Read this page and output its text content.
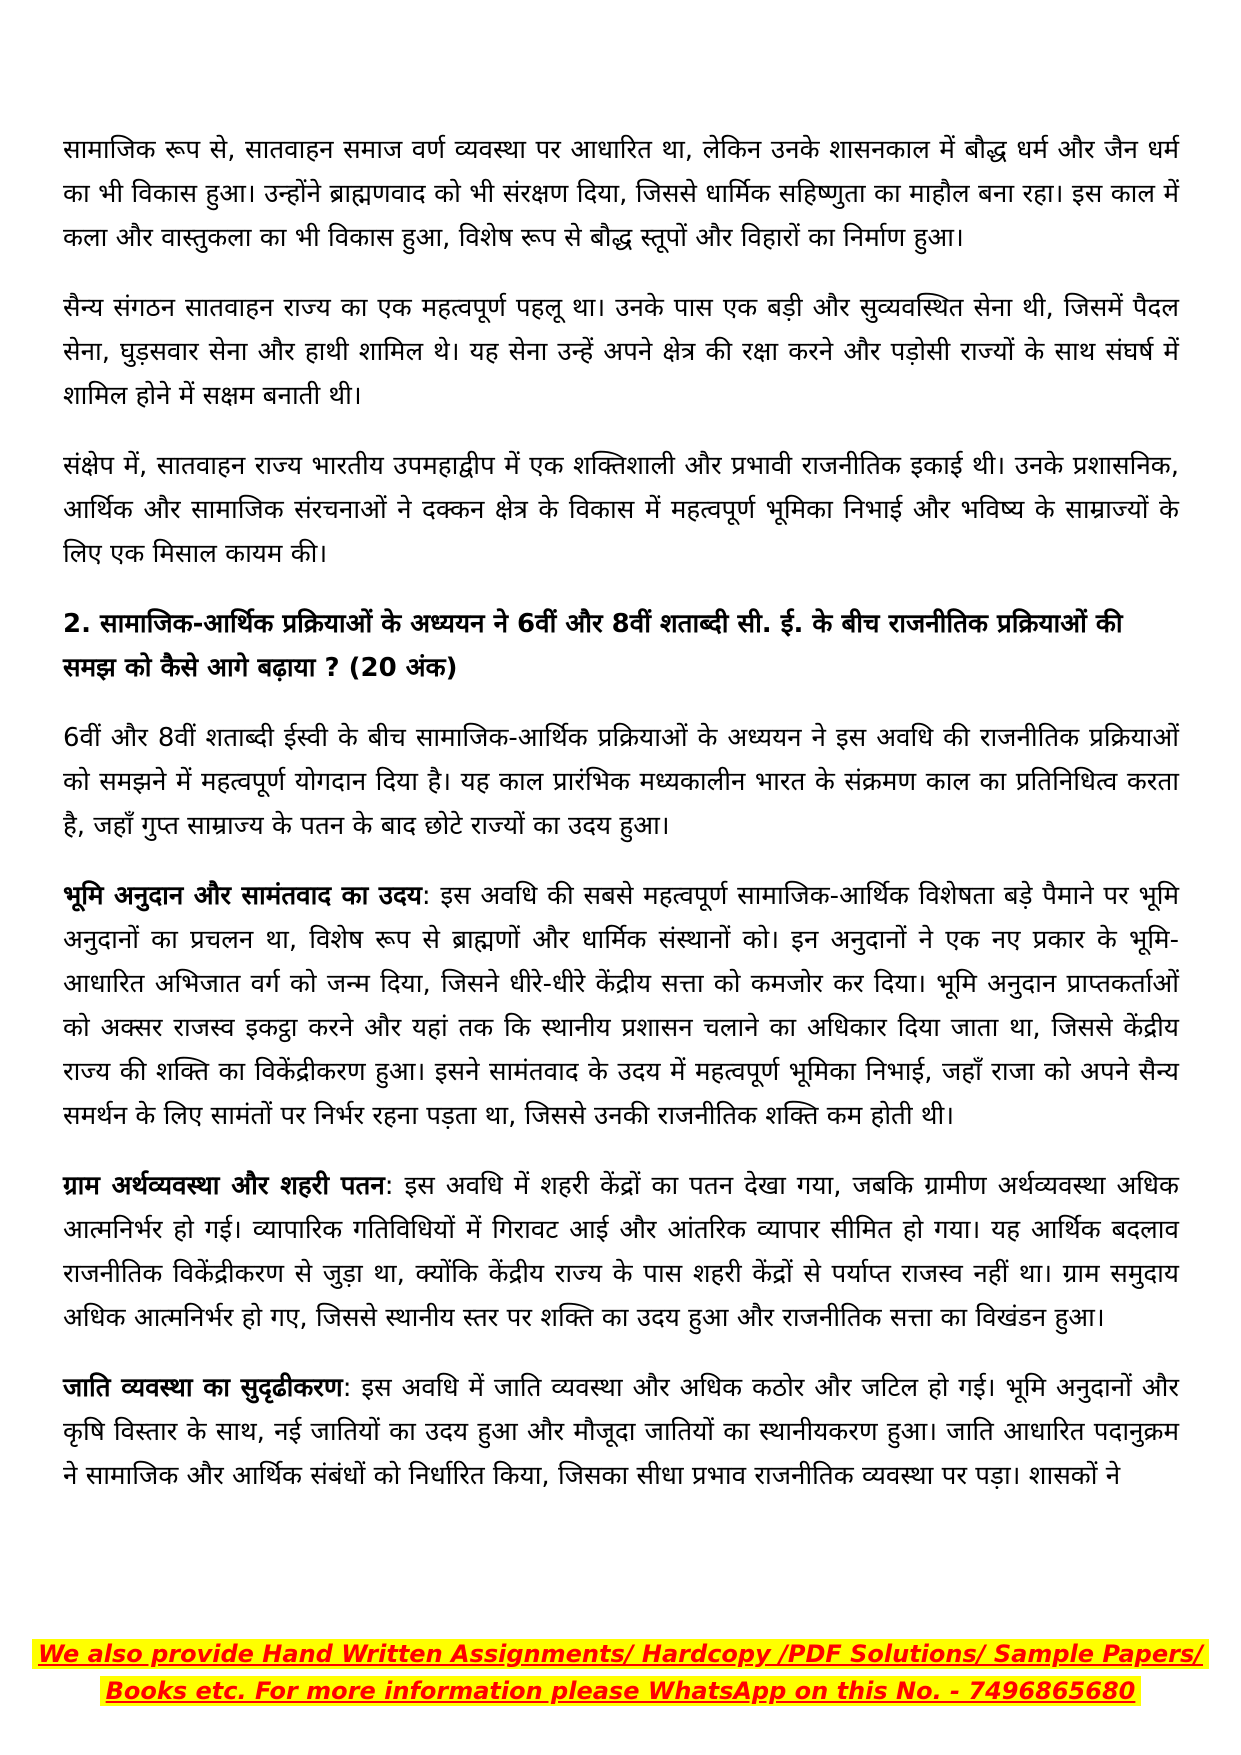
सामाजिक रूप से, सातवाहन समाज वर्ण व्यवस्था पर आधारित था, लेकिन उनके शासनकाल में बौद्ध धर्म और जैन धर्म का भी विकास हुआ। उन्होंने ब्राह्मणवाद को भी संरक्षण दिया, जिससे धार्मिक सहिष्णुता का माहौल बना रहा। इस काल में कला और वास्तुकला का भी विकास हुआ, विशेष रूप से बौद्ध स्तूपों और विहारों का निर्माण हुआ।

सैन्य संगठन सातवाहन राज्य का एक महत्वपूर्ण पहलू था। उनके पास एक बड़ी और सुव्यवस्थित सेना थी, जिसमें पैदल सेना, घुड़सवार सेना और हाथी शामिल थे। यह सेना उन्हें अपने क्षेत्र की रक्षा करने और पड़ोसी राज्यों के साथ संघर्ष में शामिल होने में सक्षम बनाती थी।

संक्षेप में, सातवाहन राज्य भारतीय उपमहाद्वीप में एक शक्तिशाली और प्रभावी राजनीतिक इकाई थी। उनके प्रशासनिक, आर्थिक और सामाजिक संरचनाओं ने दक्कन क्षेत्र के विकास में महत्वपूर्ण भूमिका निभाई और भविष्य के साम्राज्यों के लिए एक मिसाल कायम की।

2. सामाजिक-आर्थिक प्रक्रियाओं के अध्ययन ने 6वीं और 8वीं शताब्दी सी. ई. के बीच राजनीतिक प्रक्रियाओं की समझ को कैसे आगे बढ़ाया ? (20 अंक)

6वीं और 8वीं शताब्दी ईस्वी के बीच सामाजिक-आर्थिक प्रक्रियाओं के अध्ययन ने इस अवधि की राजनीतिक प्रक्रियाओं को समझने में महत्वपूर्ण योगदान दिया है। यह काल प्रारंभिक मध्यकालीन भारत के संक्रमण काल का प्रतिनिधित्व करता है, जहाँ गुप्त साम्राज्य के पतन के बाद छोटे राज्यों का उदय हुआ।

भूमि अनुदान और सामंतवाद का उदय: इस अवधि की सबसे महत्वपूर्ण सामाजिक-आर्थिक विशेषता बड़े पैमाने पर भूमि अनुदानों का प्रचलन था, विशेष रूप से ब्राह्मणों और धार्मिक संस्थानों को। इन अनुदानों ने एक नए प्रकार के भूमि-आधारित अभिजात वर्ग को जन्म दिया, जिसने धीरे-धीरे केंद्रीय सत्ता को कमजोर कर दिया। भूमि अनुदान प्राप्तकर्ताओं को अक्सर राजस्व इकट्ठा करने और यहां तक कि स्थानीय प्रशासन चलाने का अधिकार दिया जाता था, जिससे केंद्रीय राज्य की शक्ति का विकेंद्रीकरण हुआ। इसने सामंतवाद के उदय में महत्वपूर्ण भूमिका निभाई, जहाँ राजा को अपने सैन्य समर्थन के लिए सामंतों पर निर्भर रहना पड़ता था, जिससे उनकी राजनीतिक शक्ति कम होती थी।

ग्राम अर्थव्यवस्था और शहरी पतन: इस अवधि में शहरी केंद्रों का पतन देखा गया, जबकि ग्रामीण अर्थव्यवस्था अधिक आत्मनिर्भर हो गई। व्यापारिक गतिविधियों में गिरावट आई और आंतरिक व्यापार सीमित हो गया। यह आर्थिक बदलाव राजनीतिक विकेंद्रीकरण से जुड़ा था, क्योंकि केंद्रीय राज्य के पास शहरी केंद्रों से पर्याप्त राजस्व नहीं था। ग्राम समुदाय अधिक आत्मनिर्भर हो गए, जिससे स्थानीय स्तर पर शक्ति का उदय हुआ और राजनीतिक सत्ता का विखंडन हुआ।

जाति व्यवस्था का सुदृढीकरण: इस अवधि में जाति व्यवस्था और अधिक कठोर और जटिल हो गई। भूमि अनुदानों और कृषि विस्तार के साथ, नई जातियों का उदय हुआ और मौजूदा जातियों का स्थानीयकरण हुआ। जाति आधारित पदानुक्रम ने सामाजिक और आर्थिक संबंधों को निर्धारित किया, जिसका सीधा प्रभाव राजनीतिक व्यवस्था पर पड़ा। शासकों ने

We also provide Hand Written Assignments/ Hardcopy /PDF Solutions/ Sample Papers/
Books etc. For more information please WhatsApp on this No. - 7496865680
